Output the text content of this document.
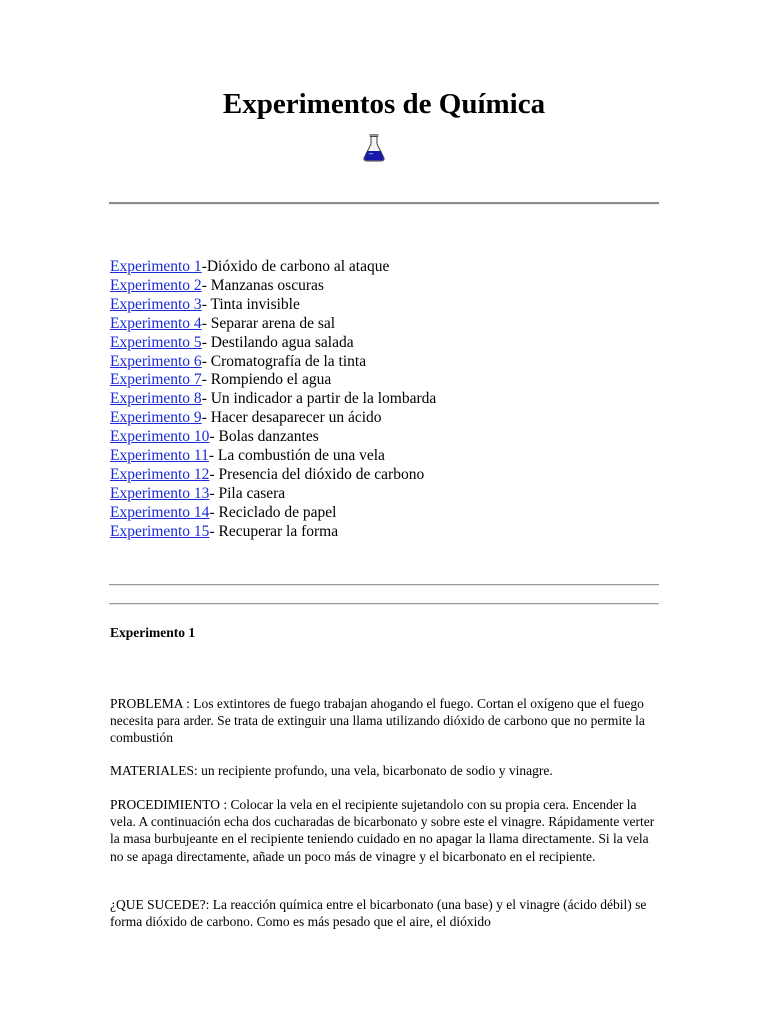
Experimentos de Química
Experimento 1-Dióxido de carbono al ataque
Experimento 2- Manzanas oscuras
Experimento 3- Tinta invisible
Experimento 4- Separar arena de sal
Experimento 5- Destilando agua salada
Experimento 6- Cromatografía de la tinta
Experimento 7- Rompiendo el agua
Experimento 8- Un indicador a partir de la lombarda
Experimento 9- Hacer desaparecer un ácido
Experimento 10- Bolas danzantes
Experimento 11- La combustión de una vela
Experimento 12- Presencia del dióxido de carbono
Experimento 13- Pila casera
Experimento 14- Reciclado de papel
Experimento 15- Recuperar la forma

Experimento 1

PROBLEMA : Los extintores de fuego trabajan ahogando el fuego. Cortan el oxígeno que el fuego necesita para arder. Se trata de extinguir una llama utilizando dióxido de carbono que no permite la combustión

MATERIALES: un recipiente profundo, una vela, bicarbonato de sodio y vinagre.

PROCEDIMIENTO : Colocar la vela en el recipiente sujetandolo con su propia cera. Encender la vela. A continuación echa dos cucharadas de bicarbonato y sobre este el vinagre. Rápidamente verter la masa burbujeante en el recipiente teniendo cuidado en no apagar la llama directamente. Si la vela no se apaga directamente, añade un poco más de vinagre y el bicarbonato en el recipiente.

¿QUE SUCEDE?: La reacción química entre el bicarbonato (una base) y el vinagre (ácido débil) se forma dióxido de carbono. Como es más pesado que el aire, el dióxido
